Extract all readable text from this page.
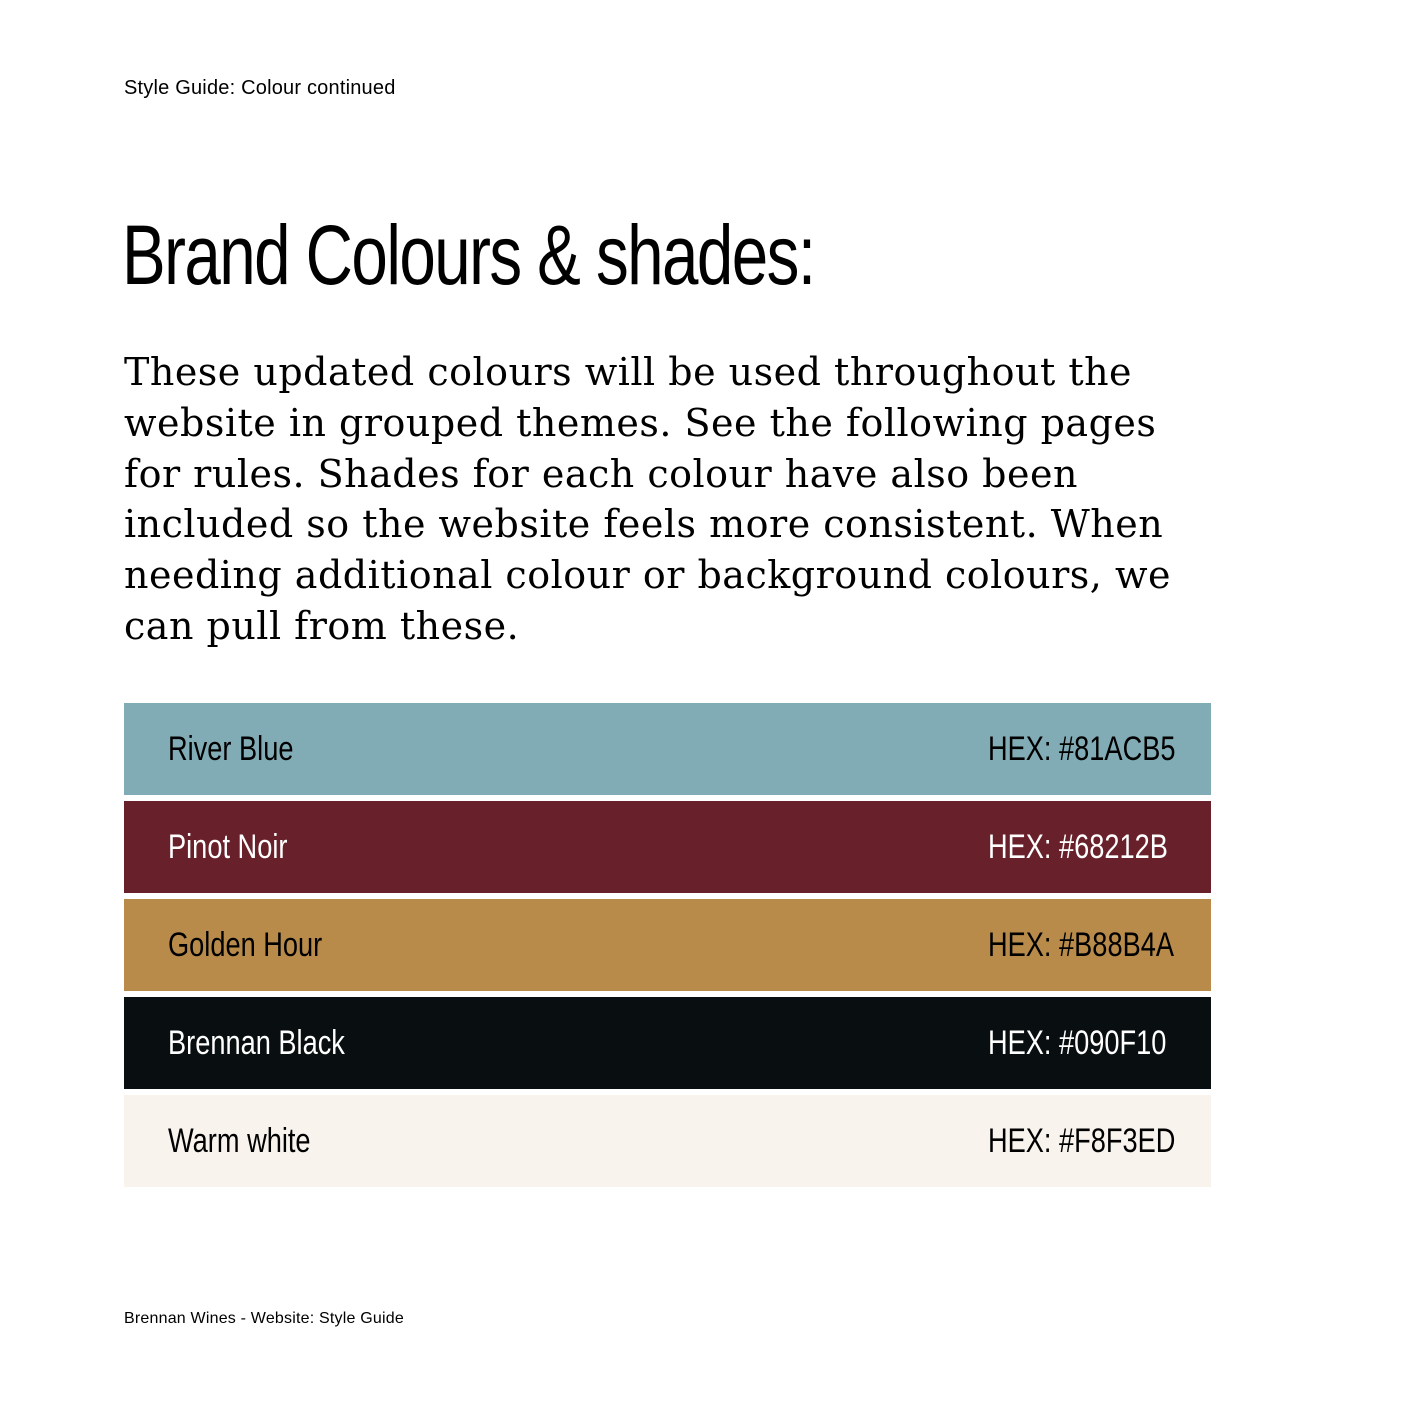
Style Guide: Colour continued
Brand Colours & shades:

These updated colours will be used throughout the website in grouped themes. See the following pages for rules. Shades for each colour have also been included so the website feels more consistent. When needing additional colour or background colours, we can pull from these.

River Blue	HEX: #81ACB5
Pinot Noir	HEX: #68212B
Golden Hour	HEX: #B88B4A
Brennan Black	HEX: #090F10
Warm white	HEX: #F8F3ED
Brennan Wines - Website: Style Guide
